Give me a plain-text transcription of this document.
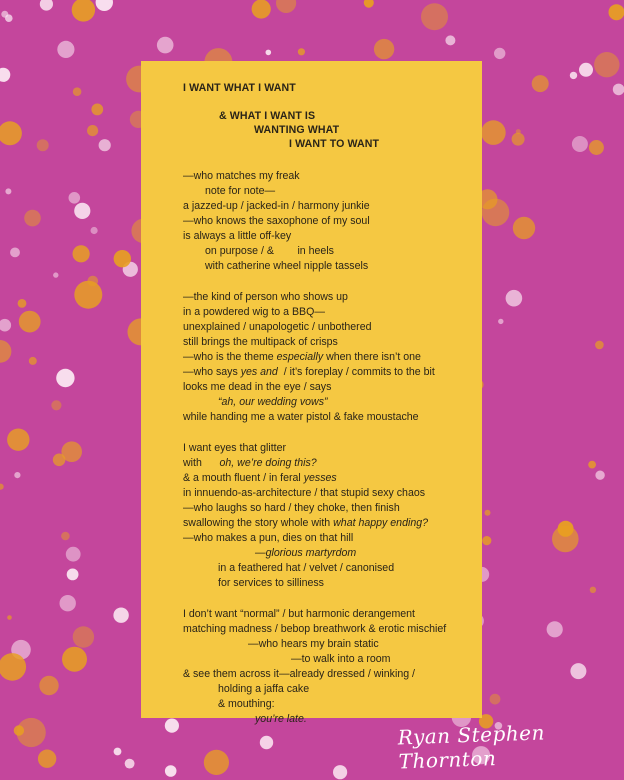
I WANT WHAT I WANT
& WHAT I WANT IS
WANTING WHAT
I WANT TO WANT
—who matches my freak
note for note—
a jazzed-up / jacked-in / harmony junkie
—who knows the saxophone of my soul
is always a little off-key
on purpose / &        in heels
with catherine wheel nipple tassels
—the kind of person who shows up
in a powdered wig to a BBQ—
unexplained / unapologetic / unbothered
still brings the multipack of crisps
—who is the theme especially when there isn’t one
—who says yes and  / it’s foreplay / commits to the bit
looks me dead in the eye / says
“ah, our wedding vows”
while handing me a water pistol & fake moustache
I want eyes that glitter
with      oh, we’re doing this?
& a mouth fluent / in feral yesses
in innuendo-as-architecture / that stupid sexy chaos
—who laughs so hard / they choke, then finish
swallowing the story whole with what happy ending?
—who makes a pun, dies on that hill
—glorious martyrdom
in a feathered hat / velvet / canonised
for services to silliness
I don’t want “normal” / but harmonic derangement
matching madness / bebop breathwork & erotic mischief
—who hears my brain static
—to walk into a room
& see them across it—already dressed / winking /
holding a jaffa cake
& mouthing:
you’re late.
Ryan Stephen Thornton
